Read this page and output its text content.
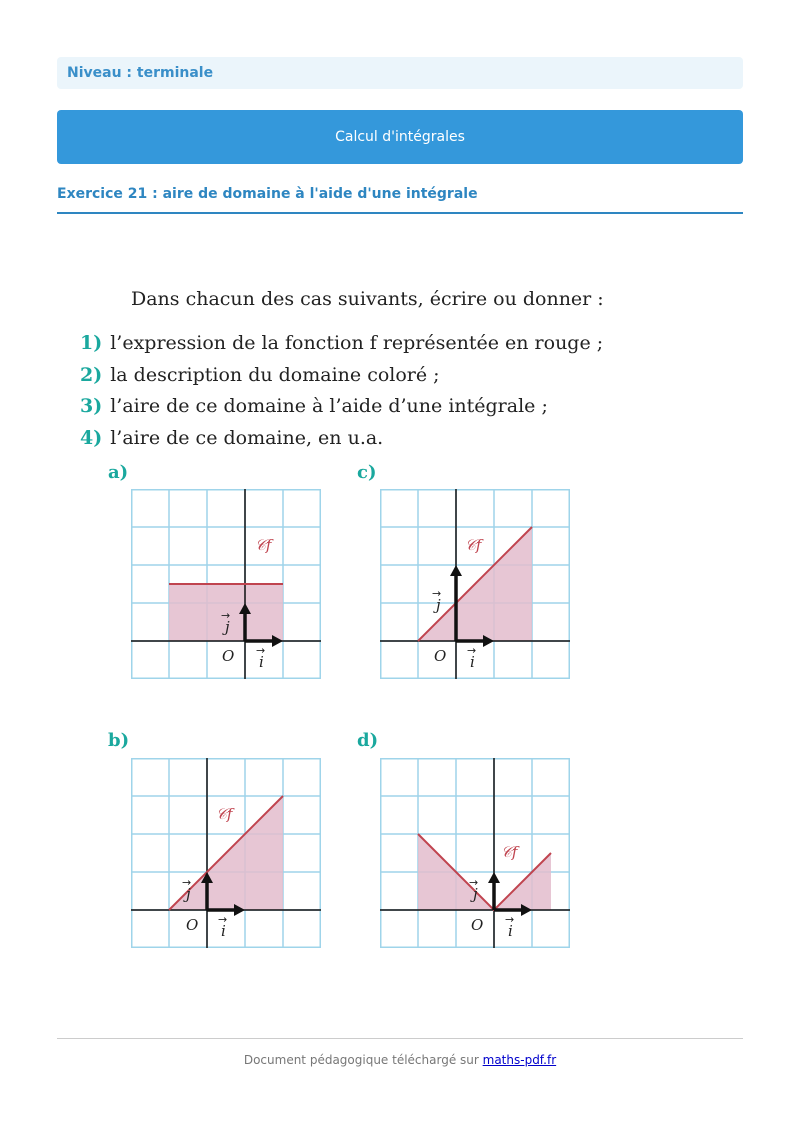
Niveau : terminale
Calcul d'intégrales
Exercice 21 : aire de domaine à l'aide d'une intégrale
Dans chacun des cas suivants, écrire ou donner :
1) l’expression de la fonction f représentée en rouge ;
2) la description du domaine coloré ;
3) l’aire de ce domaine à l’aide d’une intégrale ;
4) l’aire de ce domaine, en u.a.
a)	c)
b)	d)
𝒞f
O i
→
j
→
𝒞f
O i
→
j
→
𝒞f
O i
→
j
→
𝒞f
O i
→
j
→
Document pédagogique téléchargé sur maths-pdf.fr
